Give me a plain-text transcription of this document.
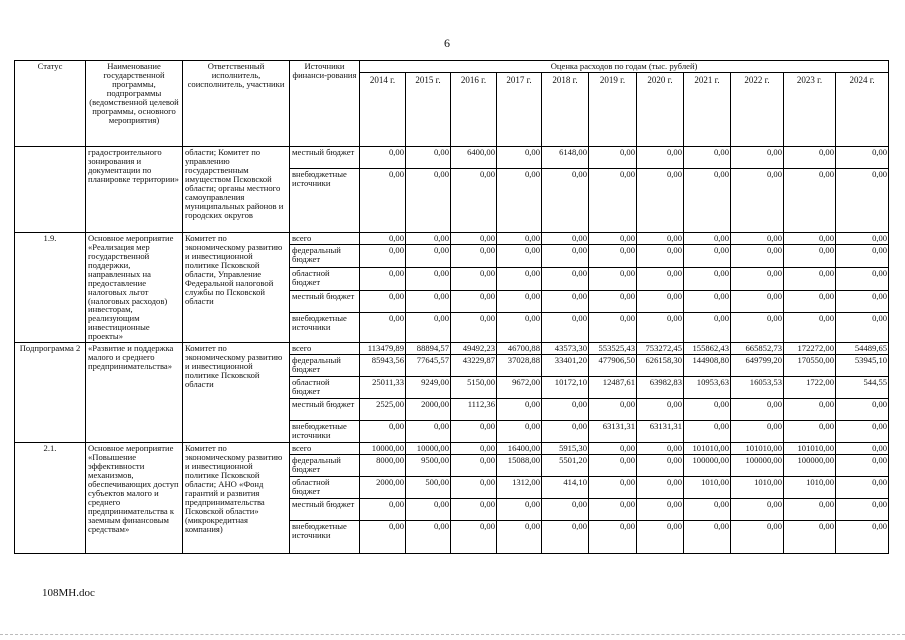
6
Статус	Наименование государственной программы, подпрограммы (ведомственной целевой программы, основного мероприятия)	Ответственный исполнитель, соисполнитель, участники	Источники финанси-рования	Оценка расходов по годам (тыс. рублей)										
				2014 г.	2015 г.	2016 г.	2017 г.	2018 г.	2019 г.	2020 г.	2021 г.	2022 г.	2023 г.	2024 г.
	градостроительного зонирования и документации по планировке территории»	области; Комитет по управлению государственным имуществом Псковской области; органы местного самоуправления муниципальных районов и городских округов	местный бюджет	0,00	0,00	6400,00	0,00	6148,00	0,00	0,00	0,00	0,00	0,00	0,00
			внебюджетные источники	0,00	0,00	0,00	0,00	0,00	0,00	0,00	0,00	0,00	0,00	0,00
1.9.	Основное мероприятие «Реализация мер государственной поддержки, направленных на предоставление налоговых льгот (налоговых расходов) инвесторам, реализующим инвестиционные проекты»	Комитет по экономическому развитию и инвестиционной политике Псковской области, Управление Федеральной налоговой службы по Псковской области	всего	0,00	0,00	0,00	0,00	0,00	0,00	0,00	0,00	0,00	0,00	0,00
			федеральный бюджет	0,00	0,00	0,00	0,00	0,00	0,00	0,00	0,00	0,00	0,00	0,00
			областной бюджет	0,00	0,00	0,00	0,00	0,00	0,00	0,00	0,00	0,00	0,00	0,00
			местный бюджет	0,00	0,00	0,00	0,00	0,00	0,00	0,00	0,00	0,00	0,00	0,00
			внебюджетные источники	0,00	0,00	0,00	0,00	0,00	0,00	0,00	0,00	0,00	0,00	0,00
Подпрограмма 2	«Развитие и поддержка малого и среднего предпринимательства»	Комитет по экономическому развитию и инвестиционной политике Псковской области	всего	113479,89	88894,57	49492,23	46700,88	43573,30	553525,43	753272,45	155862,43	665852,73	172272,00	54489,65
			федеральный бюджет	85943,56	77645,57	43229,87	37028,88	33401,20	477906,50	626158,30	144908,80	649799,20	170550,00	53945,10
			областной бюджет	25011,33	9249,00	5150,00	9672,00	10172,10	12487,61	63982,83	10953,63	16053,53	1722,00	544,55
			местный бюджет	2525,00	2000,00	1112,36	0,00	0,00	0,00	0,00	0,00	0,00	0,00	0,00
			внебюджетные источники	0,00	0,00	0,00	0,00	0,00	63131,31	63131,31	0,00	0,00	0,00	0,00
2.1.	Основное мероприятие «Повышение эффективности механизмов, обеспечивающих доступ субъектов малого и среднего предпринимательства к заемным финансовым средствам»	Комитет по экономическому развитию и инвестиционной политике Псковской области; АНО «Фонд гарантий и развития предпринимательства Псковской области» (микрокредитная компания)	всего	10000,00	10000,00	0,00	16400,00	5915,30	0,00	0,00	101010,00	101010,00	101010,00	0,00
			федеральный бюджет	8000,00	9500,00	0,00	15088,00	5501,20	0,00	0,00	100000,00	100000,00	100000,00	0,00
			областной бюджет	2000,00	500,00	0,00	1312,00	414,10	0,00	0,00	1010,00	1010,00	1010,00	0,00
			местный бюджет	0,00	0,00	0,00	0,00	0,00	0,00	0,00	0,00	0,00	0,00	0,00
			внебюджетные источники	0,00	0,00	0,00	0,00	0,00	0,00	0,00	0,00	0,00	0,00	0,00
108МН.doc
